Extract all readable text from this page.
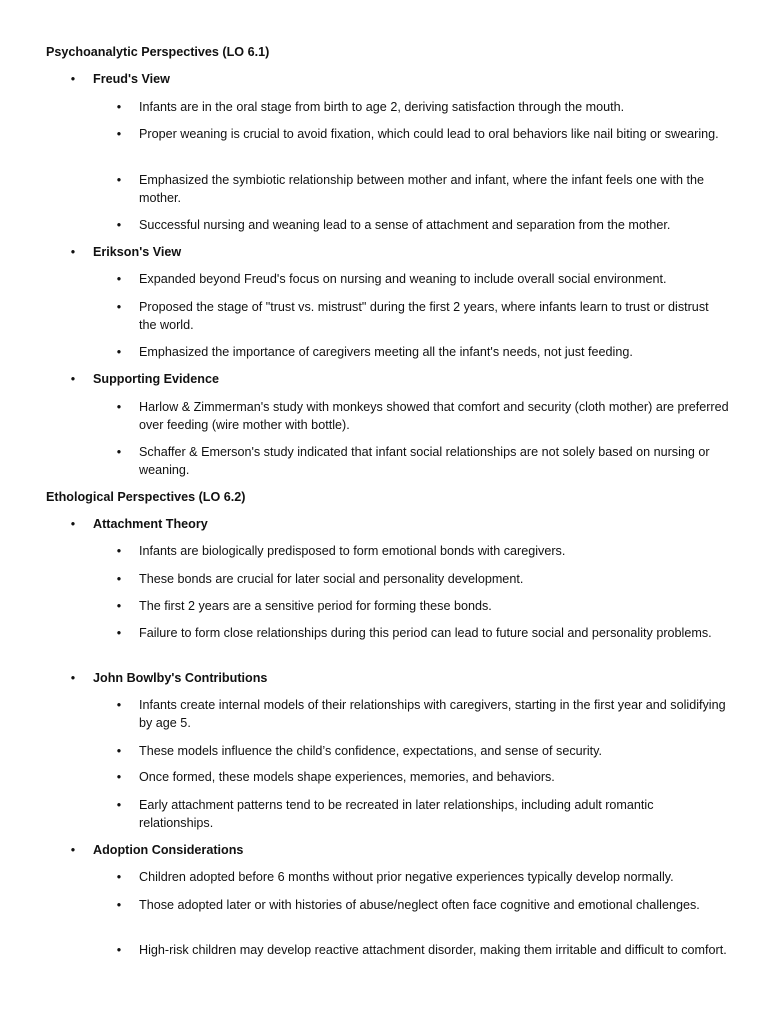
Psychoanalytic Perspectives (LO 6.1)
• Freud's View
• Infants are in the oral stage from birth to age 2, deriving satisfaction through the mouth.
• Proper weaning is crucial to avoid fixation, which could lead to oral behaviors like nail biting or swearing.
• Emphasized the symbiotic relationship between mother and infant, where the infant feels one with the mother.
• Successful nursing and weaning lead to a sense of attachment and separation from the mother.
• Erikson's View
• Expanded beyond Freud's focus on nursing and weaning to include overall social environment.
• Proposed the stage of "trust vs. mistrust" during the first 2 years, where infants learn to trust or distrust the world.
• Emphasized the importance of caregivers meeting all the infant's needs, not just feeding.
• Supporting Evidence
• Harlow & Zimmerman's study with monkeys showed that comfort and security (cloth mother) are preferred over feeding (wire mother with bottle).
• Schaffer & Emerson's study indicated that infant social relationships are not solely based on nursing or weaning.
Ethological Perspectives (LO 6.2)
• Attachment Theory
• Infants are biologically predisposed to form emotional bonds with caregivers.
• These bonds are crucial for later social and personality development.
• The first 2 years are a sensitive period for forming these bonds.
• Failure to form close relationships during this period can lead to future social and personality problems.
• John Bowlby's Contributions
• Infants create internal models of their relationships with caregivers, starting in the first year and solidifying by age 5.
• These models influence the child’s confidence, expectations, and sense of security.
• Once formed, these models shape experiences, memories, and behaviors.
• Early attachment patterns tend to be recreated in later relationships, including adult romantic relationships.
• Adoption Considerations
• Children adopted before 6 months without prior negative experiences typically develop normally.
• Those adopted later or with histories of abuse/neglect often face cognitive and emotional challenges.
• High-risk children may develop reactive attachment disorder, making them irritable and difficult to comfort.
